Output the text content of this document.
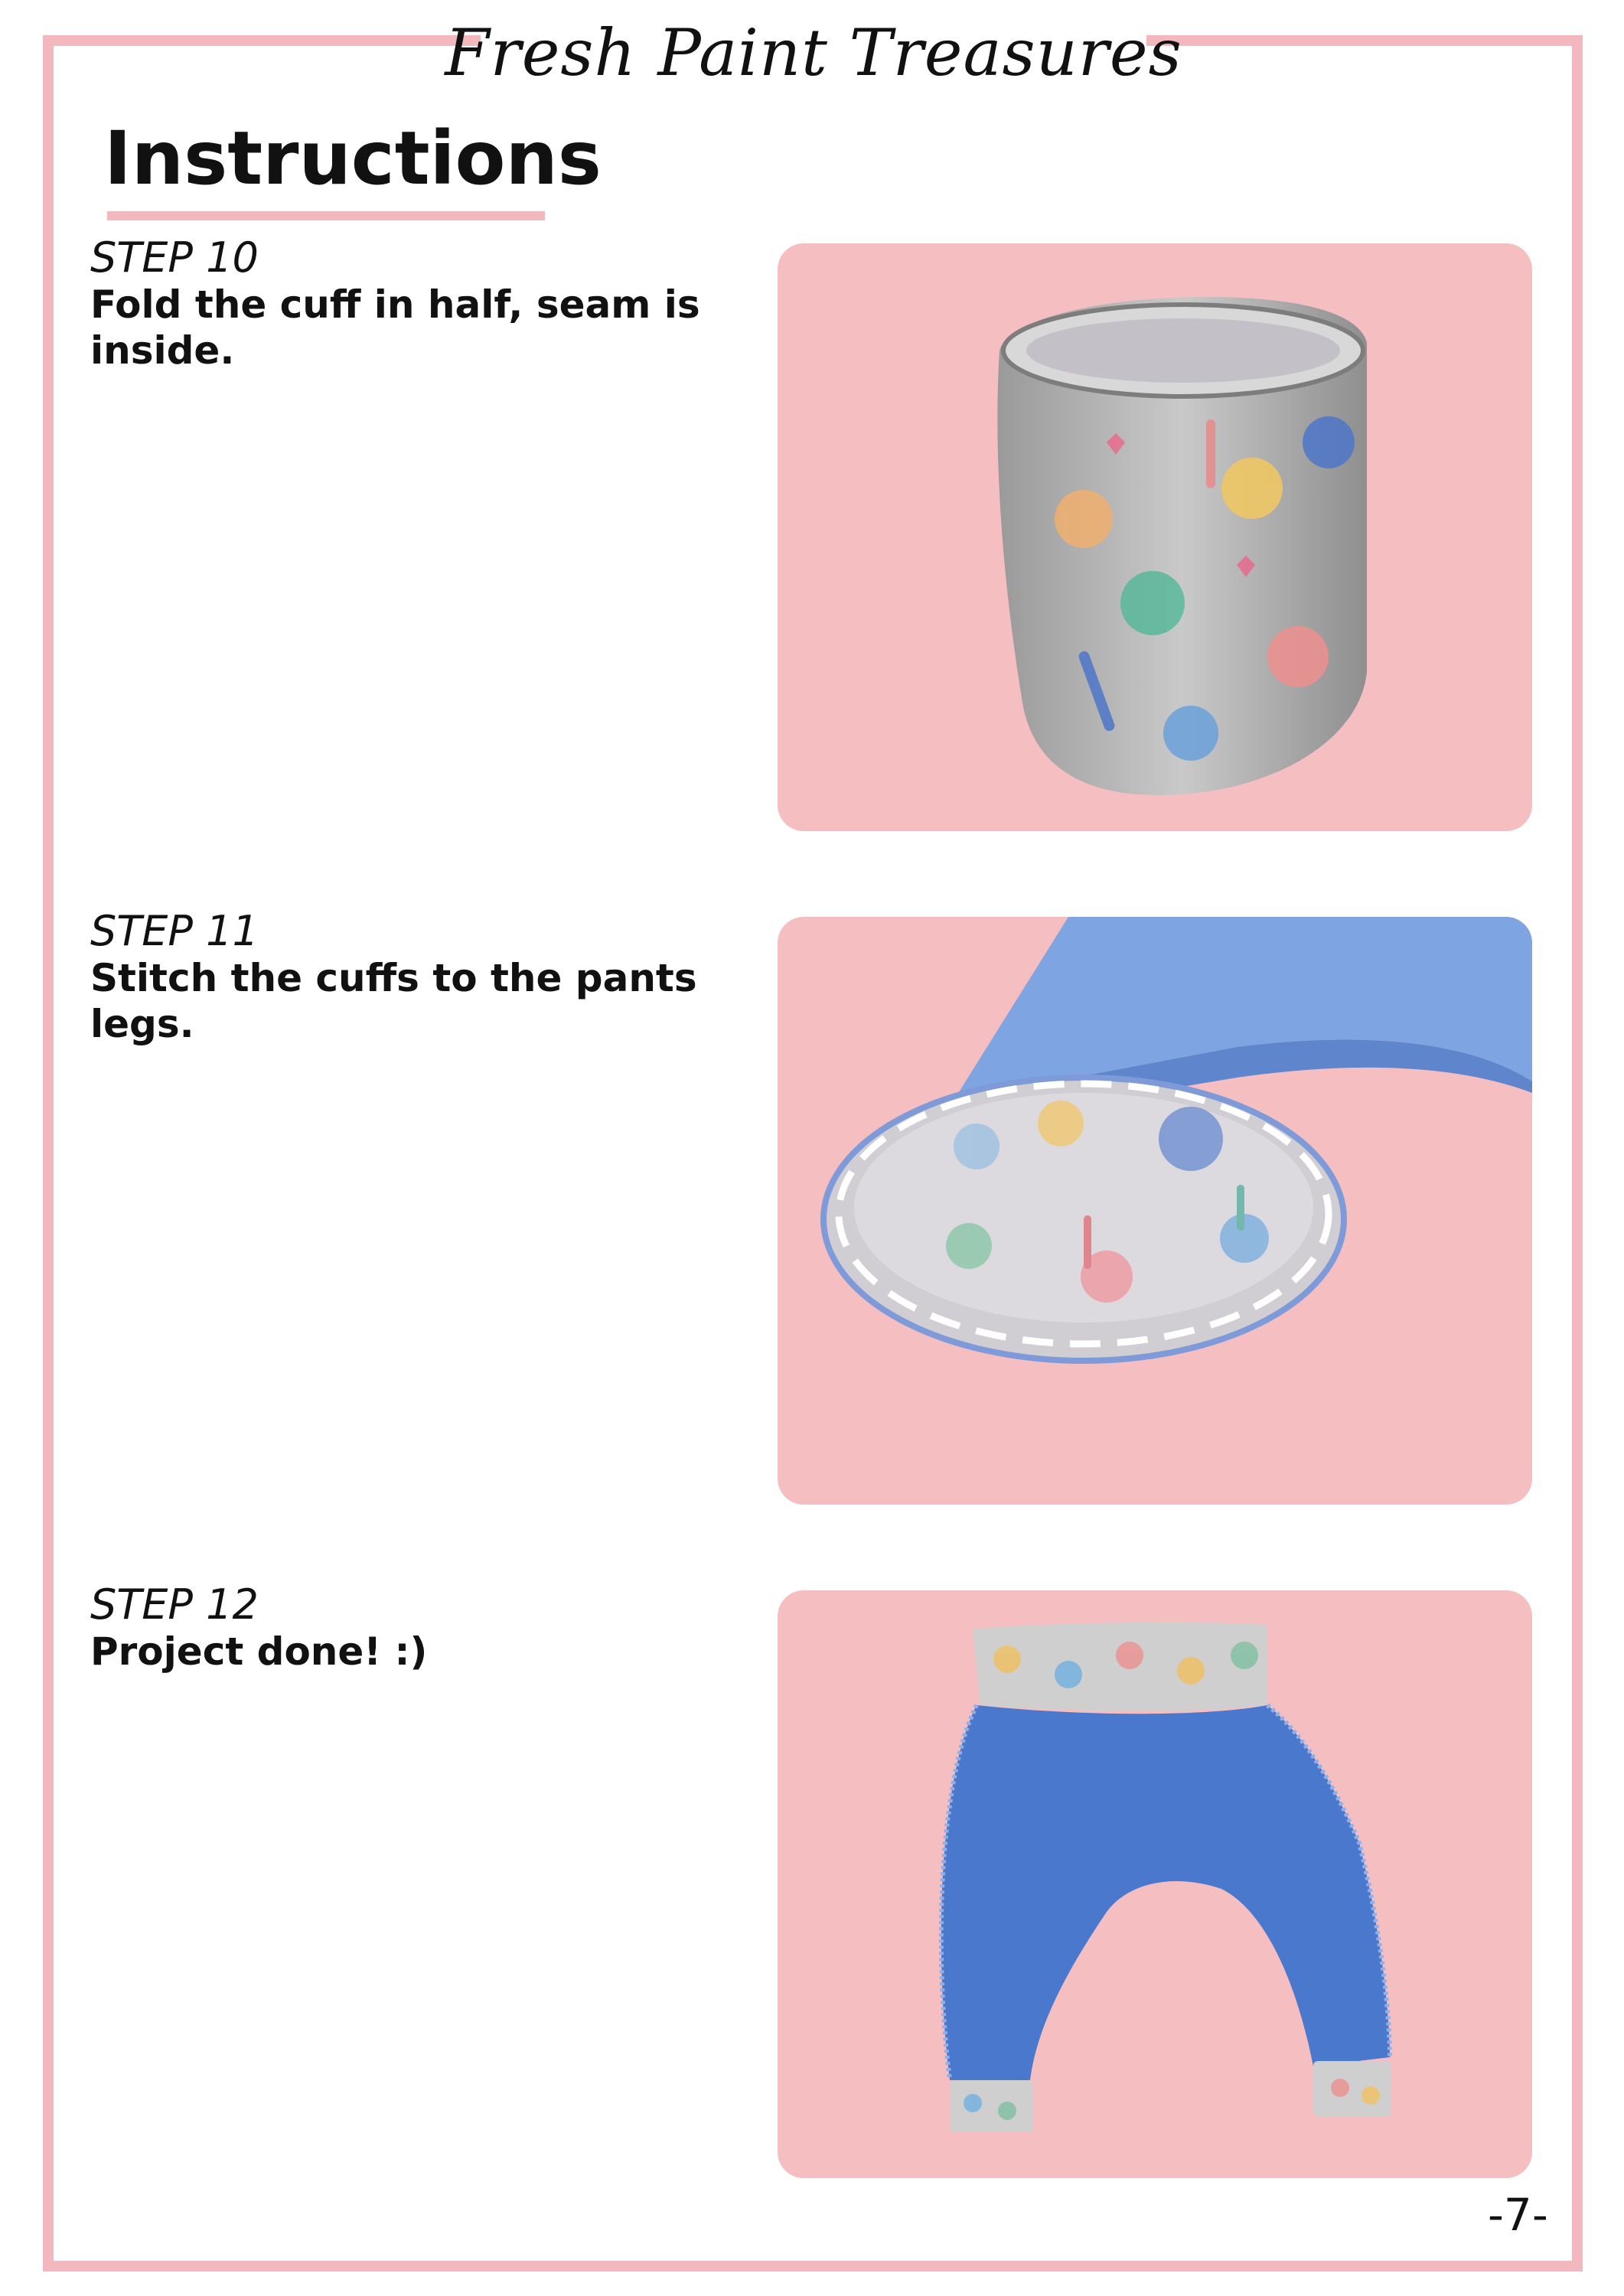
Fresh Paint Treasures
Instructions
STEP 10
Fold the cuff in half, seam is inside.
STEP 11
Stitch the cuffs to the pants legs.
STEP 12
Project done! :)
-7-
